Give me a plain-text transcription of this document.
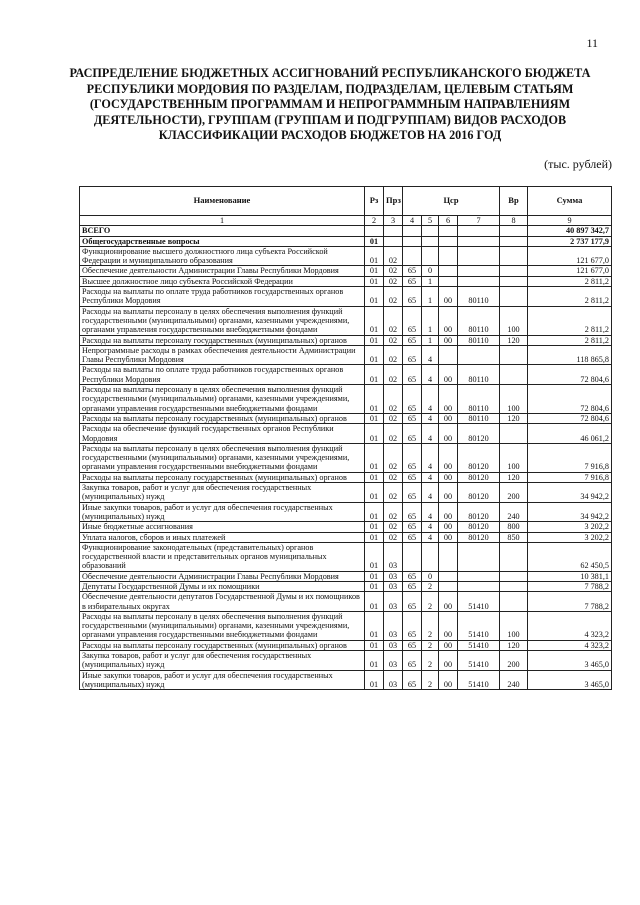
11
РАСПРЕДЕЛЕНИЕ БЮДЖЕТНЫХ АССИГНОВАНИЙ РЕСПУБЛИКАНСКОГО БЮДЖЕТА РЕСПУБЛИКИ МОРДОВИЯ ПО РАЗДЕЛАМ, ПОДРАЗДЕЛАМ, ЦЕЛЕВЫМ СТАТЬЯМ (ГОСУДАРСТВЕННЫМ ПРОГРАММАМ И НЕПРОГРАММНЫМ НАПРАВЛЕНИЯМ ДЕЯТЕЛЬНОСТИ), ГРУППАМ (ГРУППАМ И ПОДГРУППАМ) ВИДОВ РАСХОДОВ КЛАССИФИКАЦИИ РАСХОДОВ БЮДЖЕТОВ НА 2016 ГОД
(тыс. рублей)
Наименование	Рз	Прз	Цср				Вр	Сумма
1	2	3	4	5	6	7	8	9
ВСЕГО								40 897 342,7
Общегосударственные вопросы	01							2 737 177,9
Функционирование высшего должностного лица субъекта Российской Федерации и муниципального образования	01	02						121 677,0
Обеспечение деятельности Администрации Главы Республики Мордовия	01	02	65	0				121 677,0
Высшее должностное лицо субъекта Российской Федерации	01	02	65	1				2 811,2
Расходы на выплаты по оплате труда работников государственных органов Республики Мордовия	01	02	65	1	00	80110		2 811,2
Расходы на выплаты персоналу в целях обеспечения выполнения функций государственными (муниципальными) органами, казенными учреждениями, органами управления государственными внебюджетными фондами	01	02	65	1	00	80110	100	2 811,2
Расходы на выплаты персоналу государственных (муниципальных) органов	01	02	65	1	00	80110	120	2 811,2
Непрограммные расходы в рамках обеспечения деятельности Администрации Главы Республики Мордовия	01	02	65	4				118 865,8
Расходы на выплаты по оплате труда работников государственных органов Республики Мордовия	01	02	65	4	00	80110		72 804,6
Расходы на выплаты персоналу в целях обеспечения выполнения функций государственными (муниципальными) органами, казенными учреждениями, органами управления государственными внебюджетными фондами	01	02	65	4	00	80110	100	72 804,6
Расходы на выплаты персоналу государственных (муниципальных) органов	01	02	65	4	00	80110	120	72 804,6
Расходы на обеспечение функций государственных органов Республики Мордовия	01	02	65	4	00	80120		46 061,2
Расходы на выплаты персоналу в целях обеспечения выполнения функций государственными (муниципальными) органами, казенными учреждениями, органами управления государственными внебюджетными фондами	01	02	65	4	00	80120	100	7 916,8
Расходы на выплаты персоналу государственных (муниципальных) органов	01	02	65	4	00	80120	120	7 916,8
Закупка товаров, работ и услуг для обеспечения государственных (муниципальных) нужд	01	02	65	4	00	80120	200	34 942,2
Иные закупки товаров, работ и услуг для обеспечения государственных (муниципальных) нужд	01	02	65	4	00	80120	240	34 942,2
Иные бюджетные ассигнования	01	02	65	4	00	80120	800	3 202,2
Уплата налогов, сборов и иных платежей	01	02	65	4	00	80120	850	3 202,2
Функционирование законодательных (представительных) органов государственной власти и представительных органов муниципальных образований	01	03						62 450,5
Обеспечение деятельности Администрации Главы Республики Мордовия	01	03	65	0				10 381,1
Депутаты Государственной Думы и их помощники	01	03	65	2				7 788,2
Обеспечение деятельности депутатов Государственной Думы и их помощников в избирательных округах	01	03	65	2	00	51410		7 788,2
Расходы на выплаты персоналу в целях обеспечения выполнения функций государственными (муниципальными) органами, казенными учреждениями, органами управления государственными внебюджетными фондами	01	03	65	2	00	51410	100	4 323,2
Расходы на выплаты персоналу государственных (муниципальных) органов	01	03	65	2	00	51410	120	4 323,2
Закупка товаров, работ и услуг для обеспечения государственных (муниципальных) нужд	01	03	65	2	00	51410	200	3 465,0
Иные закупки товаров, работ и услуг для обеспечения государственных (муниципальных) нужд	01	03	65	2	00	51410	240	3 465,0
